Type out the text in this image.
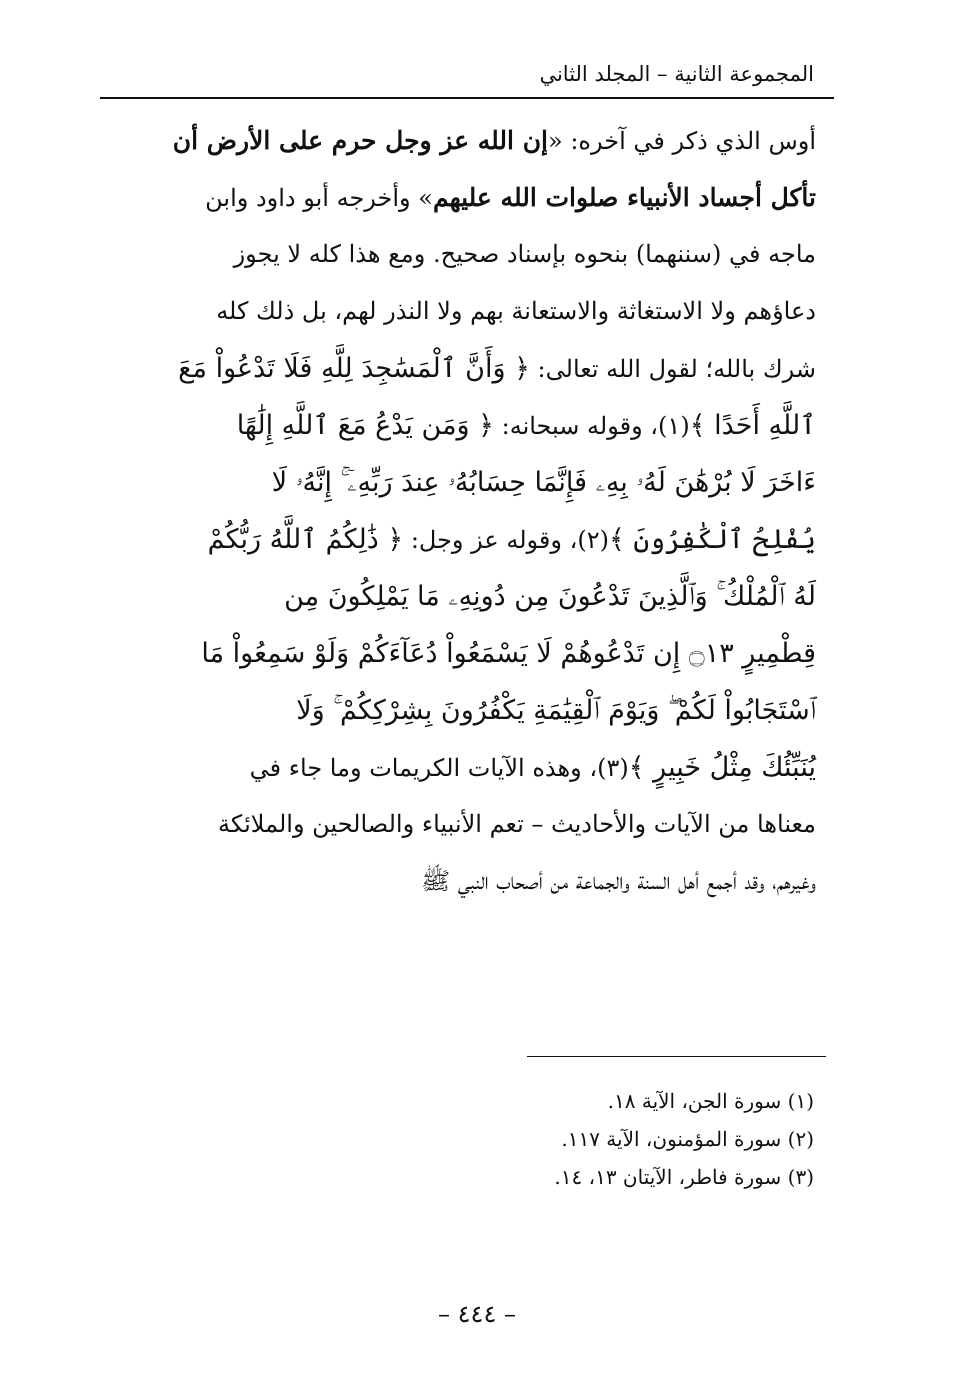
المجموعة الثانية – المجلد الثاني
أوس الذي ذكر في آخره: «إن الله عز وجل حرم على الأرض أن
تأكل أجساد الأنبياء صلوات الله عليهم» وأخرجه أبو داود وابن
ماجه في (سننهما) بنحوه بإسناد صحيح. ومع هذا كله لا يجوز
دعاؤهم ولا الاستغاثة والاستعانة بهم ولا النذر لهم، بل ذلك كله
شرك بالله؛ لقول الله تعالى: ﴿ وَأَنَّ ٱلْمَسَٰجِدَ لِلَّهِ فَلَا تَدْعُواْ مَعَ
ٱللَّهِ أَحَدًا ﴾(١)، وقوله سبحانه: ﴿ وَمَن يَدْعُ مَعَ ٱللَّهِ إِلَٰهًا
ءَاخَرَ لَا بُرْهَٰنَ لَهُۥ بِهِۦ فَإِنَّمَا حِسَابُهُۥ عِندَ رَبِّهِۦٓ ۚ إِنَّهُۥ لَا
يُفْلِحُ ٱلْكَٰفِرُونَ ﴾(٢)، وقوله عز وجل: ﴿ ذَٰلِكُمُ ٱللَّهُ رَبُّكُمْ
لَهُ ٱلْمُلْكُ ۚ وَٱلَّذِينَ تَدْعُونَ مِن دُونِهِۦ مَا يَمْلِكُونَ مِن
قِطْمِيرٍ ۝١٣ إِن تَدْعُوهُمْ لَا يَسْمَعُواْ دُعَآءَكُمْ وَلَوْ سَمِعُواْ مَا
ٱسْتَجَابُواْ لَكُمْ ۖ وَيَوْمَ ٱلْقِيَٰمَةِ يَكْفُرُونَ بِشِرْكِكُمْ ۚ وَلَا
يُنَبِّئُكَ مِثْلُ خَبِيرٍ ﴾(٣)، وهذه الآيات الكريمات وما جاء في
معناها من الآيات والأحاديث – تعم الأنبياء والصالحين والملائكة
وغيرهم، وقد أجمع أهل السنة والجماعة من أصحاب النبي ﷺ
(١) سورة الجن، الآية ١٨.
(٢) سورة المؤمنون، الآية ١١٧.
(٣) سورة فاطر، الآيتان ١٣، ١٤.
– ٤٤٤ –
